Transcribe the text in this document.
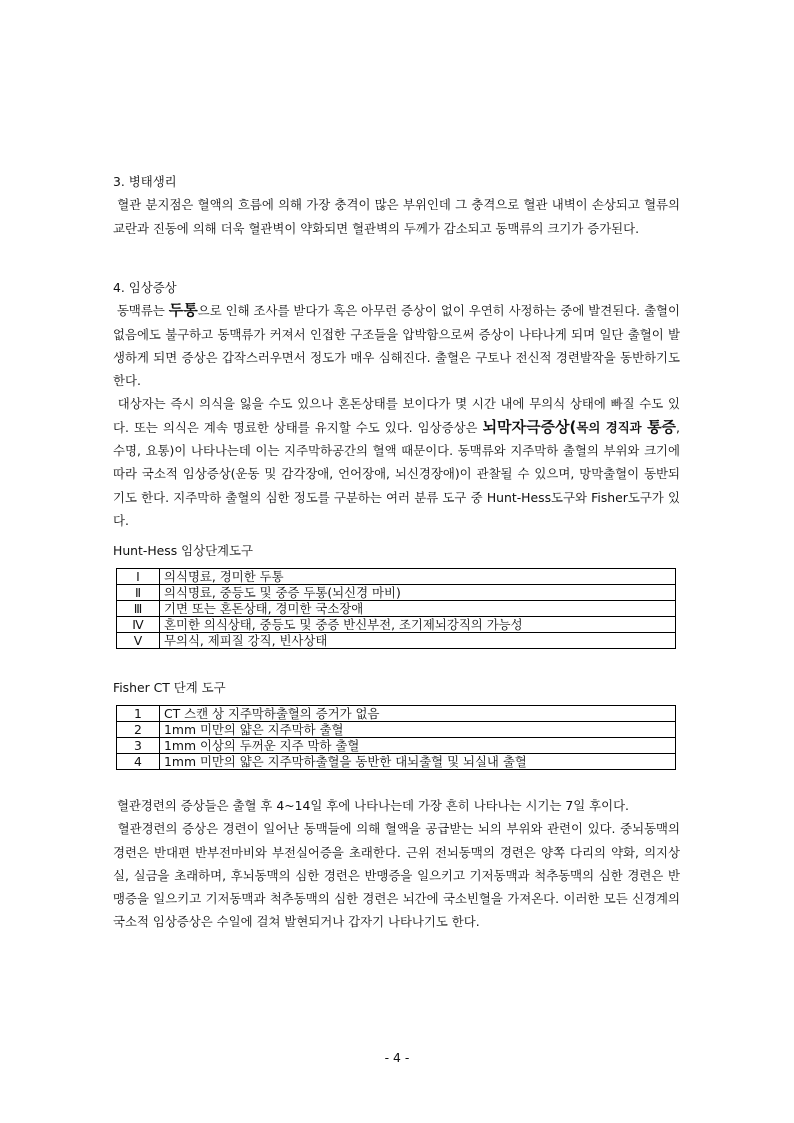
3. 병태생리

혈관 분지점은 혈액의 흐름에 의해 가장 충격이 많은 부위인데 그 충격으로 혈관 내벽이 손상되고 혈류의 교란과 진동에 의해 더욱 혈관벽이 약화되면 혈관벽의 두께가 감소되고 동맥류의 크기가 증가된다.

4. 임상증상

동맥류는 두통으로 인해 조사를 받다가 혹은 아무런 증상이 없이 우연히 사정하는 중에 발견된다. 출혈이 없음에도 불구하고 동맥류가 커져서 인접한 구조들을 압박함으로써 증상이 나타나게 되며 일단 출혈이 발생하게 되면 증상은 갑작스러우면서 정도가 매우 심해진다. 출혈은 구토나 전신적 경련발작을 동반하기도 한다.

대상자는 즉시 의식을 잃을 수도 있으나 혼돈상태를 보이다가 몇 시간 내에 무의식 상태에 빠질 수도 있다. 또는 의식은 계속 명료한 상태를 유지할 수도 있다. 임상증상은 뇌막자극증상(목의 경직과 통증, 수명, 요통)이 나타나는데 이는 지주막하공간의 혈액 때문이다. 동맥류와 지주막하 출혈의 부위와 크기에 따라 국소적 임상증상(운동 및 감각장애, 언어장애, 뇌신경장애)이 관찰될 수 있으며, 망막출혈이 동반되기도 한다. 지주막하 출혈의 심한 정도를 구분하는 여러 분류 도구 중 Hunt-Hess도구와 Fisher도구가 있다.

Hunt-Hess 임상단계도구
Ⅰ	의식명료, 경미한 두통
Ⅱ	의식명료, 중등도 및 중증 두통(뇌신경 마비)
Ⅲ	기면 또는 혼돈상태, 경미한 국소장애
Ⅳ	혼미한 의식상태, 중등도 및 중증 반신부전, 조기제뇌강직의 가능성
Ⅴ	무의식, 제피질 강직, 빈사상태
Fisher CT 단계 도구
1	CT 스캔 상 지주막하출혈의 증거가 없음
2	1mm 미만의 얇은 지주막하 출혈
3	1mm 이상의 두꺼운 지주 막하 출혈
4	1mm 미만의 얇은 지주막하출혈을 동반한 대뇌출혈 및 뇌실내 출혈

혈관경련의 증상들은 출혈 후 4~14일 후에 나타나는데 가장 흔히 나타나는 시기는 7일 후이다.

혈관경련의 증상은 경련이 일어난 동맥들에 의해 혈액을 공급받는 뇌의 부위와 관련이 있다. 중뇌동맥의 경련은 반대편 반부전마비와 부전실어증을 초래한다. 근위 전뇌동맥의 경련은 양쪽 다리의 약화, 의지상실, 실금을 초래하며, 후뇌동맥의 심한 경련은 반맹증을 일으키고 기저동맥과 척추동맥의 심한 경련은 반맹증을 일으키고 기저동맥과 척추동맥의 심한 경련은 뇌간에 국소빈혈을 가져온다. 이러한 모든 신경계의 국소적 임상증상은 수일에 걸쳐 발현되거나 갑자기 나타나기도 한다.

- 4 -
